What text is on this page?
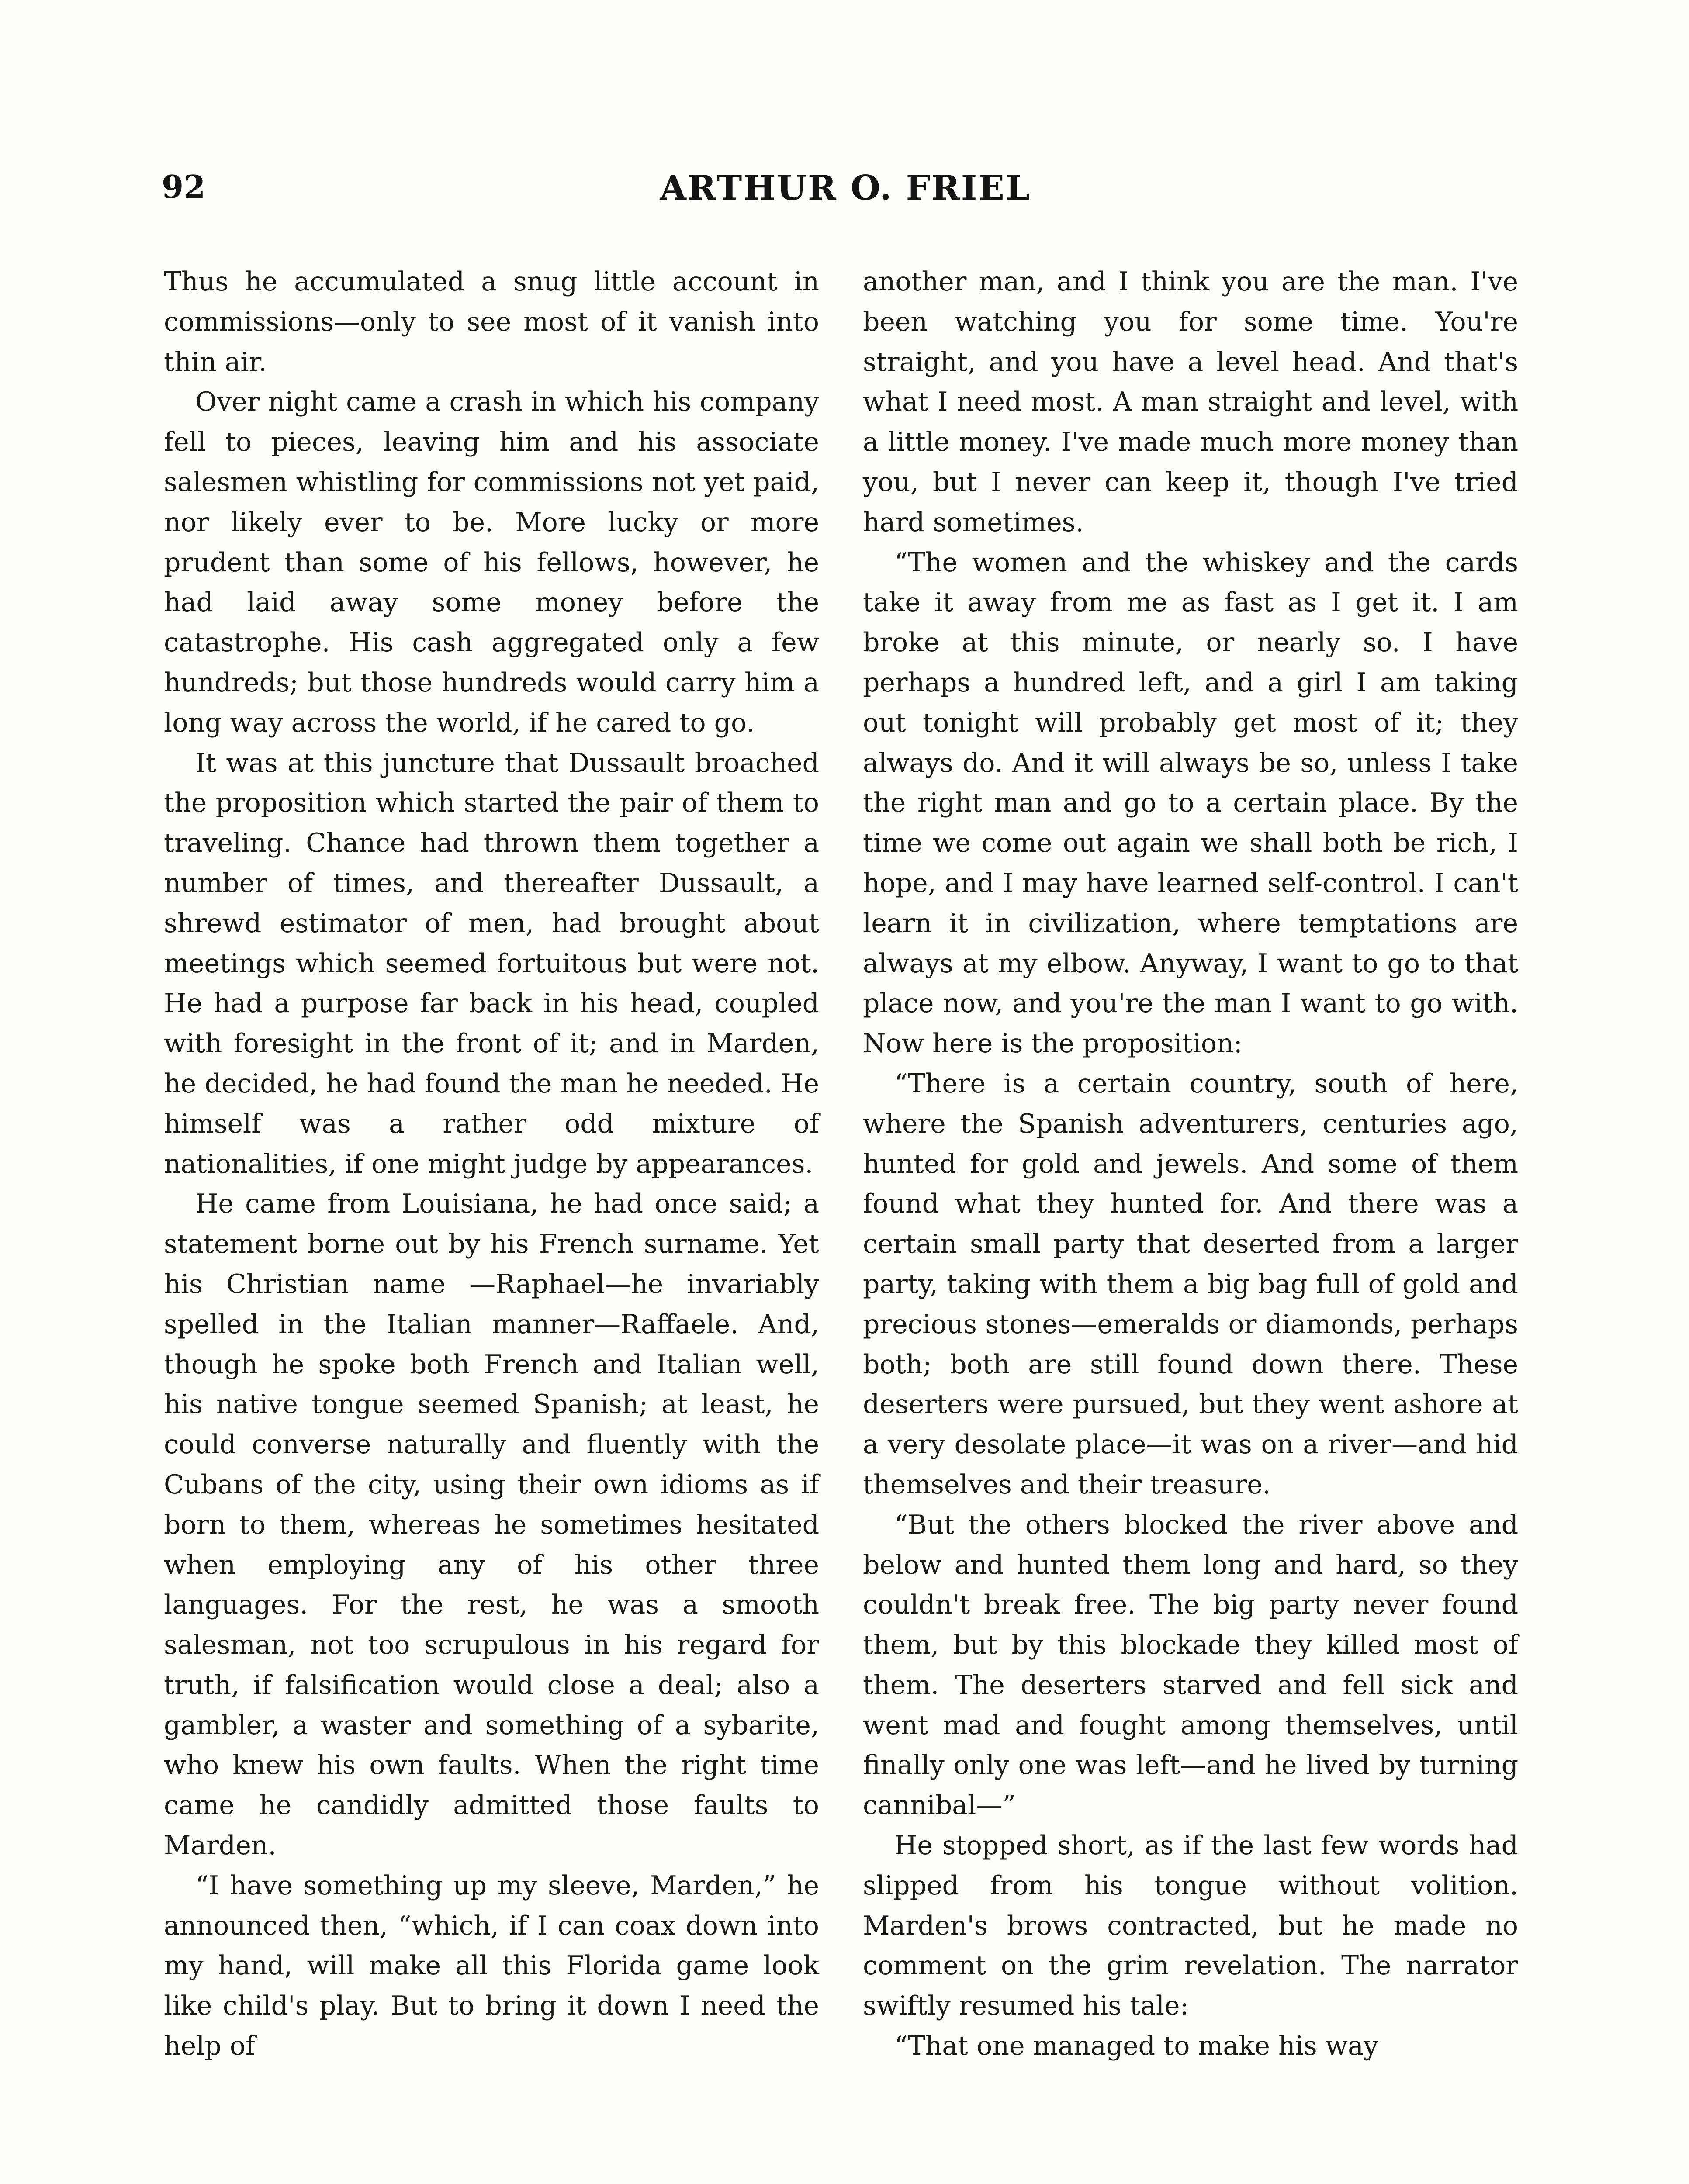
92	ARTHUR O. FRIEL

Thus he accumulated a snug little account in commissions—only to see most of it vanish into thin air.

Over night came a crash in which his company fell to pieces, leaving him and his associate salesmen whistling for commissions not yet paid, nor likely ever to be. More lucky or more prudent than some of his fellows, however, he had laid away some money before the catastrophe. His cash aggregated only a few hundreds; but those hundreds would carry him a long way across the world, if he cared to go.

It was at this juncture that Dussault broached the proposition which started the pair of them to traveling. Chance had thrown them together a number of times, and thereafter Dussault, a shrewd estimator of men, had brought about meetings which seemed fortuitous but were not. He had a purpose far back in his head, coupled with foresight in the front of it; and in Marden, he decided, he had found the man he needed. He himself was a rather odd mixture of nationalities, if one might judge by appearances.

He came from Louisiana, he had once said; a statement borne out by his French surname. Yet his Christian name —Raphael—he invariably spelled in the Italian manner—Raffaele. And, though he spoke both French and Italian well, his native tongue seemed Spanish; at least, he could converse naturally and fluently with the Cubans of the city, using their own idioms as if born to them, whereas he sometimes hesitated when employing any of his other three languages. For the rest, he was a smooth salesman, not too scrupulous in his regard for truth, if falsification would close a deal; also a gambler, a waster and something of a sybarite, who knew his own faults. When the right time came he candidly admitted those faults to Marden.

“I have something up my sleeve, Marden,” he announced then, “which, if I can coax down into my hand, will make all this Florida game look like child's play. But to bring it down I need the help of

another man, and I think you are the man. I've been watching you for some time. You're straight, and you have a level head. And that's what I need most. A man straight and level, with a little money. I've made much more money than you, but I never can keep it, though I've tried hard sometimes.

“The women and the whiskey and the cards take it away from me as fast as I get it. I am broke at this minute, or nearly so. I have perhaps a hundred left, and a girl I am taking out tonight will probably get most of it; they always do. And it will always be so, unless I take the right man and go to a certain place. By the time we come out again we shall both be rich, I hope, and I may have learned self-control. I can't learn it in civilization, where temptations are always at my elbow. Anyway, I want to go to that place now, and you're the man I want to go with. Now here is the proposition:

“There is a certain country, south of here, where the Spanish adventurers, centuries ago, hunted for gold and jewels. And some of them found what they hunted for. And there was a certain small party that deserted from a larger party, taking with them a big bag full of gold and precious stones—emeralds or diamonds, perhaps both; both are still found down there. These deserters were pursued, but they went ashore at a very desolate place—it was on a river—and hid themselves and their treasure.

“But the others blocked the river above and below and hunted them long and hard, so they couldn't break free. The big party never found them, but by this blockade they killed most of them. The deserters starved and fell sick and went mad and fought among themselves, until finally only one was left—and he lived by turning cannibal—”

He stopped short, as if the last few words had slipped from his tongue without volition. Marden's brows contracted, but he made no comment on the grim revelation. The narrator swiftly resumed his tale:

“That one managed to make his way
